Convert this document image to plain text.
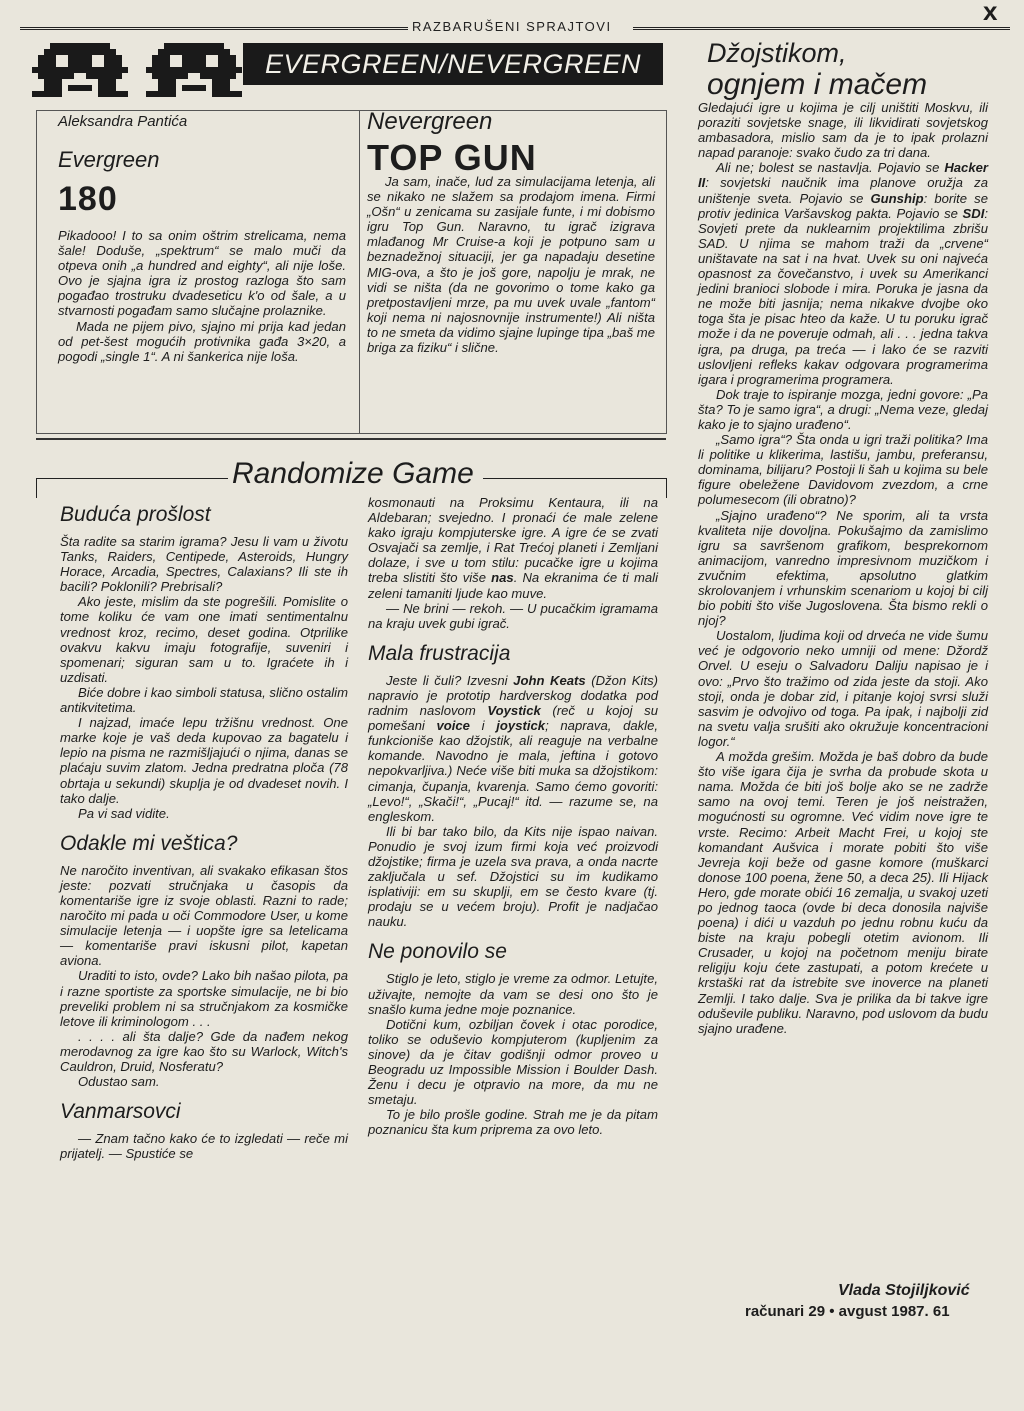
RAZBARUŠENI SPRAJTOVI
х
EVERGREEN/NEVERGREEN
Aleksandra Pantića
Evergreen
180

Pikadooo! I to sa onim oštrim strelicama, nema šale! Doduše, „spektrum“ se malo muči da otpeva onih „a hundred and eighty“, ali nije loše. Ovo je sjajna igra iz prostog razloga što sam pogađao trostruku dvadeseticu k'o od šale, a u stvarnosti pogađam samo slučajne prolaznike.

Mada ne pijem pivo, sjajno mi prija kad jedan od pet-šest mogućih protivnika gađa 3×20, a pogodi „single 1“. A ni šankerica nije loša.

Nevergreen
TOP GUN

Ja sam, inače, lud za simulacijama letenja, ali se nikako ne slažem sa prodajom imena. Firmi „Ošn“ u zenicama su zasijale funte, i mi dobismo igru Top Gun. Naravno, tu igrač izigrava mlađanog Mr Cruise-a koji je potpuno sam u beznadežnoj situaciji, jer ga napadaju desetine MIG-ova, a što je još gore, napolju je mrak, ne vidi se ništa (da ne govorimo o tome kako ga pretpostavljeni mrze, pa mu uvek uvale „fantom“ koji nema ni najosnovnije instrumente!) Ali ništa to ne smeta da vidimo sjajne lupinge tipa „baš me briga za fiziku“ i slične.

Randomize Game
Buduća prošlost

Šta radite sa starim igrama? Jesu li vam u životu Tanks, Raiders, Centipede, Asteroids, Hungry Horace, Arcadia, Spectres, Calaxians? Ili ste ih bacili? Poklonili? Prebrisali?

Ako jeste, mislim da ste pogrešili. Pomislite o tome koliku će vam one imati sentimentalnu vrednost kroz, recimo, deset godina. Otprilike ovakvu kakvu imaju fotografije, suveniri i spomenari; siguran sam u to. Igraćete ih i uzdisati.

Biće dobre i kao simboli statusa, slično ostalim antikvitetima.

I najzad, imaće lepu tržišnu vrednost. One marke koje je vaš deda kupovao za bagatelu i lepio na pisma ne razmišljajući o njima, danas se plaćaju suvim zlatom. Jedna predratna ploča (78 obrtaja u sekundi) skuplja je od dvadeset novih. I tako dalje.

Pa vi sad vidite.

Odakle mi veštica?

Ne naročito inventivan, ali svakako efikasan štos jeste: pozvati stručnjaka u časopis da komentariše igre iz svoje oblasti. Razni to rade; naročito mi pada u oči Commodore User, u kome simulacije letenja — i uopšte igre sa letelicama — komentariše pravi iskusni pilot, kapetan aviona.

Uraditi to isto, ovde? Lako bih našao pilota, pa i razne sportiste za sportske simulacije, ne bi bio preveliki problem ni sa stručnjakom za kosmičke letove ili kriminologom . . .

. . . . ali šta dalje? Gde da nađem nekog merodavnog za igre kao što su Warlock, Witch's Cauldron, Druid, Nosferatu?

Odustao sam.

Vanmarsovci

— Znam tačno kako će to izgledati — reče mi prijatelj. — Spustiće se

kosmonauti na Proksimu Kentaura, ili na Aldebaran; svejedno. I pronaći će male zelene kako igraju kompjuterske igre. A igre će se zvati Osvajači sa zemlje, i Rat Trećoj planeti i Zemljani dolaze, i sve u tom stilu: pucačke igre u kojima treba slistiti što više nas. Na ekranima će ti mali zeleni tamaniti ljude kao muve.

— Ne brini — rekoh. — U pucačkim igramama na kraju uvek gubi igrač.

Mala frustracija

Jeste li čuli? Izvesni John Keats (Džon Kits) napravio je prototip hardverskog dodatka pod radnim naslovom Voystick (reč u kojoj su pomešani voice i joystick; naprava, dakle, funkcioniše kao džojstik, ali reaguje na verbalne komande. Navodno je mala, jeftina i gotovo nepokvarljiva.) Neće više biti muka sa džojstikom: cimanja, čupanja, kvarenja. Samo ćemo govoriti: „Levo!“, „Skači!“, „Pucaj!“ itd. — razume se, na engleskom.

Ili bi bar tako bilo, da Kits nije ispao naivan. Ponudio je svoj izum firmi koja već proizvodi džojstike; firma je uzela sva prava, a onda nacrte zaključala u sef. Džojstici su im kudikamo isplativiji: em su skuplji, em se često kvare (tj. prodaju se u većem broju). Profit je nadjačao nauku.

Ne ponovilo se

Stiglo je leto, stiglo je vreme za odmor. Letujte, uživajte, nemojte da vam se desi ono što je snašlo kuma jedne moje poznanice.

Dotični kum, ozbiljan čovek i otac porodice, toliko se oduševio kompjuterom (kupljenim za sinove) da je čitav godišnji odmor proveo u Beogradu uz Impossible Mission i Boulder Dash. Ženu i decu je otpravio na more, da mu ne smetaju.

To je bilo prošle godine. Strah me je da pitam poznanicu šta kum priprema za ovo leto.

Džojstikom,
ognjem i mačem

Gledajući igre u kojima je cilj uništiti Moskvu, ili poraziti sovjetske snage, ili likvidirati sovjetskog ambasadora, mislio sam da je to ipak prolazni napad paranoje: svako čudo za tri dana.

Ali ne; bolest se nastavlja. Pojavio se Hacker II: sovjetski naučnik ima planove oružja za uništenje sveta. Pojavio se Gunship: borite se protiv jedinica Varšavskog pakta. Pojavio se SDI: Sovjeti prete da nuklearnim projektilima zbrišu SAD. U njima se mahom traži da „crvene“ uništavate na sat i na hvat. Uvek su oni najveća opasnost za čovečanstvo, i uvek su Amerikanci jedini branioci slobode i mira. Poruka je jasna da ne može biti jasnija; nema nikakve dvojbe oko toga šta je pisac hteo da kaže. U tu poruku igrač može i da ne poveruje odmah, ali . . . jedna takva igra, pa druga, pa treća — i lako će se razviti uslovljeni refleks kakav odgovara programerima igara i programerima programera.

Dok traje to ispiranje mozga, jedni govore: „Pa šta? To je samo igra“, a drugi: „Nema veze, gledaj kako je to sjajno urađeno“.

„Samo igra“? Šta onda u igri traži politika? Ima li politike u klikerima, lastišu, jambu, preferansu, dominama, bilijaru? Postoji li šah u kojima su bele figure obeležene Davidovom zvezdom, a crne polumesecom (ili obratno)?

„Sjajno urađeno“? Ne sporim, ali ta vrsta kvaliteta nije dovoljna. Pokušajmo da zamislimo igru sa savršenom grafikom, besprekornom animacijom, vanredno impresivnom muzičkom i zvučnim efektima, apsolutno glatkim skrolovanjem i vrhunskim scenariom u kojoj bi cilj bio pobiti što više Jugoslovena. Šta bismo rekli o njoj?

Uostalom, ljudima koji od drveća ne vide šumu već je odgovorio neko umniji od mene: Džordž Orvel. U eseju o Salvadoru Daliju napisao je i ovo: „Prvo što tražimo od zida jeste da stoji. Ako stoji, onda je dobar zid, i pitanje kojoj svrsi služi sasvim je odvojivo od toga. Pa ipak, i najbolji zid na svetu valja srušiti ako okružuje koncentracioni logor.“

A možda grešim. Možda je baš dobro da bude što više igara čija je svrha da probude skota u nama. Možda će biti još bolje ako se ne zadrže samo na ovoj temi. Teren je još neistražen, mogućnosti su ogromne. Već vidim nove igre te vrste. Recimo: Arbeit Macht Frei, u kojoj ste komandant Aušvica i morate pobiti što više Jevreja koji beže od gasne komore (muškarci donose 100 poena, žene 50, a deca 25). Ili Hijack Hero, gde morate obići 16 zemalja, u svakoj uzeti po jednog taoca (ovde bi deca donosila najviše poena) i dići u vazduh po jednu robnu kuću da biste na kraju pobegli otetim avionom. Ili Crusader, u kojoj na početnom meniju birate religiju koju ćete zastupati, a potom krećete u krstaški rat da istrebite sve inoverce na planeti Zemlji. I tako dalje. Sva je prilika da bi takve igre oduševile publiku. Naravno, pod uslovom da budu sjajno urađene.

Vlada Stojiljković
računari 29 • avgust 1987. 61
